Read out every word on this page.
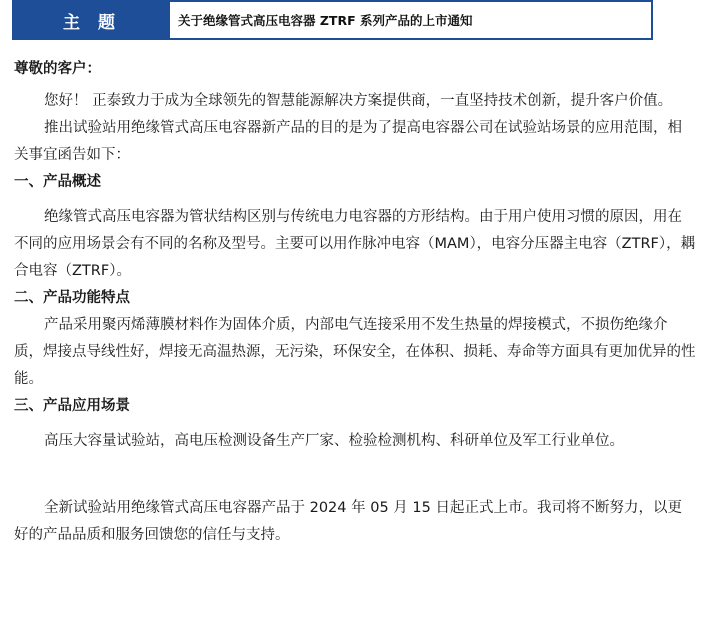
主 题	关于绝缘管式高压电容器 ZTRF 系列产品的上市通知

尊敬的客户：

您好！ 正泰致力于成为全球领先的智慧能源解决方案提供商，一直坚持技术创新，提升客户价值。

推出试验站用绝缘管式高压电容器新产品的目的是为了提高电容器公司在试验站场景的应用范围，相关事宜函告如下：

一、产品概述

绝缘管式高压电容器为管状结构区别与传统电力电容器的方形结构。由于用户使用习惯的原因，用在不同的应用场景会有不同的名称及型号。主要可以用作脉冲电容（MAM），电容分压器主电容（ZTRF），耦合电容（ZTRF）。

二、产品功能特点

产品采用聚丙烯薄膜材料作为固体介质，内部电气连接采用不发生热量的焊接模式，不损伤绝缘介质，焊接点导线性好，焊接无高温热源，无污染，环保安全，在体积、损耗、寿命等方面具有更加优异的性能。

三、产品应用场景

高压大容量试验站，高电压检测设备生产厂家、检验检测机构、科研单位及军工行业单位。

全新试验站用绝缘管式高压电容器产品于 2024 年 05 月 15 日起正式上市。我司将不断努力，以更好的产品品质和服务回馈您的信任与支持。
